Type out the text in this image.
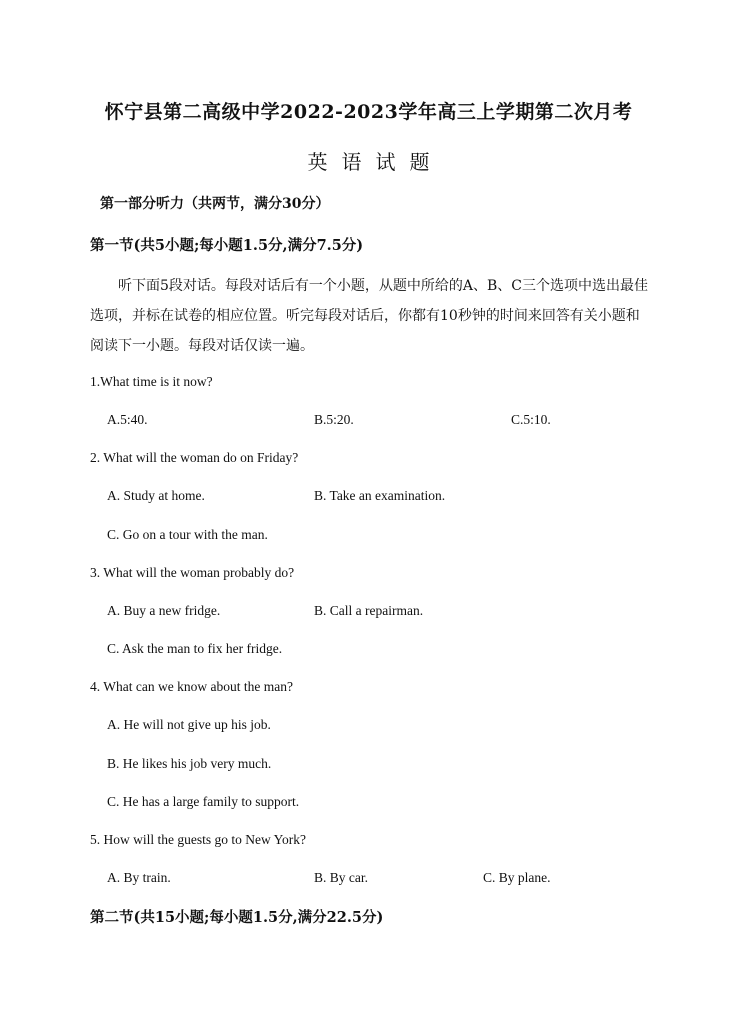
怀宁县第二高级中学2022-2023学年高三上学期第二次月考
英语试题
第一部分听力（共两节，满分30分）
第一节(共5小题;每小题1.5分,满分7.5分)
听下面5段对话。每段对话后有一个小题，从题中所给的A、B、C三个选项中选出最佳选项，并标在试卷的相应位置。听完每段对话后，你都有10秒钟的时间来回答有关小题和阅读下一小题。每段对话仅读一遍。
1.What time is it now?
A.5:40.	B.5:20.	C.5:10.
2. What will the woman do on Friday?
A. Study at home.	B. Take an examination.
C. Go on a tour with the man.
3. What will the woman probably do?
A. Buy a new fridge.	B. Call a repairman.
C. Ask the man to fix her fridge.
4. What can we know about the man?
A. He will not give up his job.
B. He likes his job very much.
C. He has a large family to support.
5. How will the guests go to New York?
A. By train.	B. By car.	C. By plane.
第二节(共15小题;每小题1.5分,满分22.5分)
